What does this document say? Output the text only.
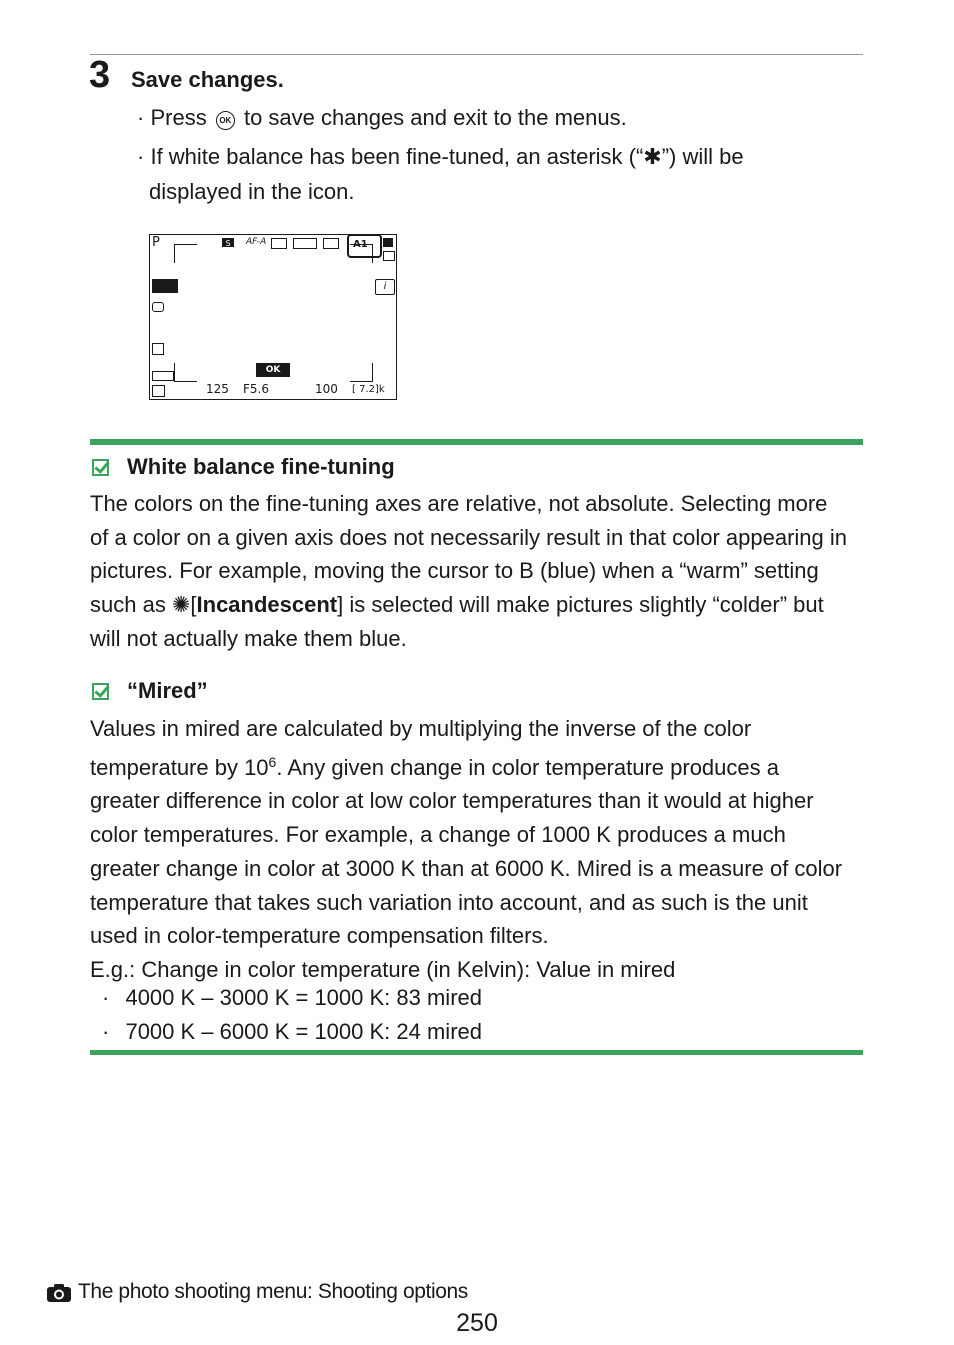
3 Save changes.
· Press OK to save changes and exit to the menus.
· If white balance has been fine-tuned, an asterisk (“✱”) will be
displayed in the icon.
P	S	AF-A	A1
i
OK
125 F5.6	100 [ 7.2]k
White balance fine-tuning
The colors on the fine-tuning axes are relative, not absolute. Selecting more
of a color on a given axis does not necessarily result in that color appearing in
pictures. For example, moving the cursor to B (blue) when a “warm” setting
such as ✺[Incandescent] is selected will make pictures slightly “colder” but
will not actually make them blue.
“Mired”
Values in mired are calculated by multiplying the inverse of the color
temperature by $10^6$. Any given change in color temperature produces a
greater difference in color at low color temperatures than it would at higher
color temperatures. For example, a change of 1000 K produces a much
greater change in color at 3000 K than at 6000 K. Mired is a measure of color
temperature that takes such variation into account, and as such is the unit
used in color-temperature compensation filters.
E.g.: Change in color temperature (in Kelvin): Value in mired
· 4000 K – 3000 K = 1000 K: 83 mired
· 7000 K – 6000 K = 1000 K: 24 mired
The photo shooting menu: Shooting options
250
